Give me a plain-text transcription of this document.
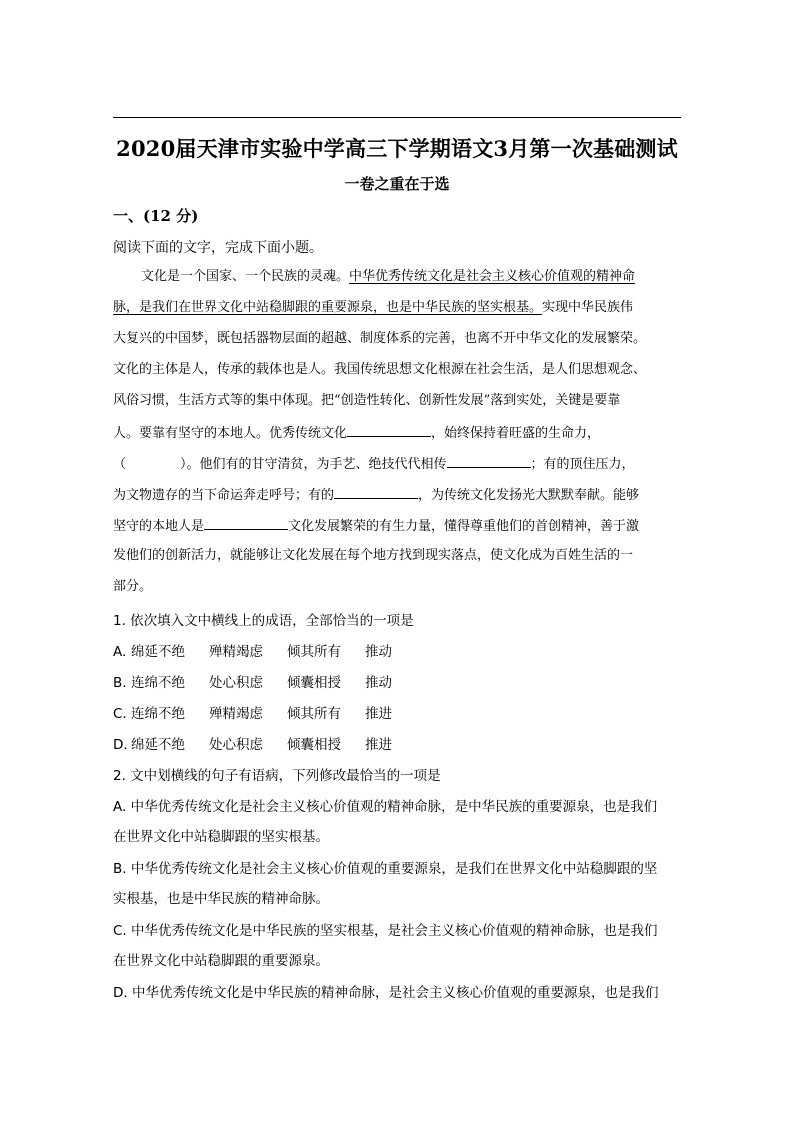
2020届天津市实验中学高三下学期语文3月第一次基础测试
一卷之重在于选
一、(12 分)
阅读下面的文字，完成下面小题。
文化是一个国家、一个民族的灵魂。中华优秀传统文化是社会主义核心价值观的精神命
脉，是我们在世界文化中站稳脚跟的重要源泉，也是中华民族的坚实根基。实现中华民族伟
大复兴的中国梦，既包括器物层面的超越、制度体系的完善，也离不开中华文化的发展繁荣。
文化的主体是人，传承的载体也是人。我国传统思想文化根源在社会生活，是人们思想观念、
风俗习惯，生活方式等的集中体现。把“创造性转化、创新性发展”落到实处，关键是要靠
人。要靠有坚守的本地人。优秀传统文化	，始终保持着旺盛的生命力，
（	）。他们有的甘守清贫，为手艺、绝技代代相传	；有的顶住压力，
为文物遗存的当下命运奔走呼号；有的	，为传统文化发扬光大默默奉献。能够
坚守的本地人是	文化发展繁荣的有生力量，懂得尊重他们的首创精神，善于激
发他们的创新活力，就能够让文化发展在每个地方找到现实落点，使文化成为百姓生活的一
部分。
1. 依次填入文中横线上的成语，全部恰当的一项是
A. 绵延不绝 殚精竭虑 倾其所有 推动
B. 连绵不绝 处心积虑 倾囊相授 推动
C. 连绵不绝 殚精竭虑 倾其所有 推进
D. 绵延不绝 处心积虑 倾囊相授 推进
2. 文中划横线的句子有语病，下列修改最恰当的一项是
A. 中华优秀传统文化是社会主义核心价值观的精神命脉，是中华民族的重要源泉，也是我们
在世界文化中站稳脚跟的坚实根基。
B. 中华优秀传统文化是社会主义核心价值观的重要源泉，是我们在世界文化中站稳脚跟的坚
实根基，也是中华民族的精神命脉。
C. 中华优秀传统文化是中华民族的坚实根基，是社会主义核心价值观的精神命脉，也是我们
在世界文化中站稳脚跟的重要源泉。
D. 中华优秀传统文化是中华民族的精神命脉，是社会主义核心价值观的重要源泉，也是我们
